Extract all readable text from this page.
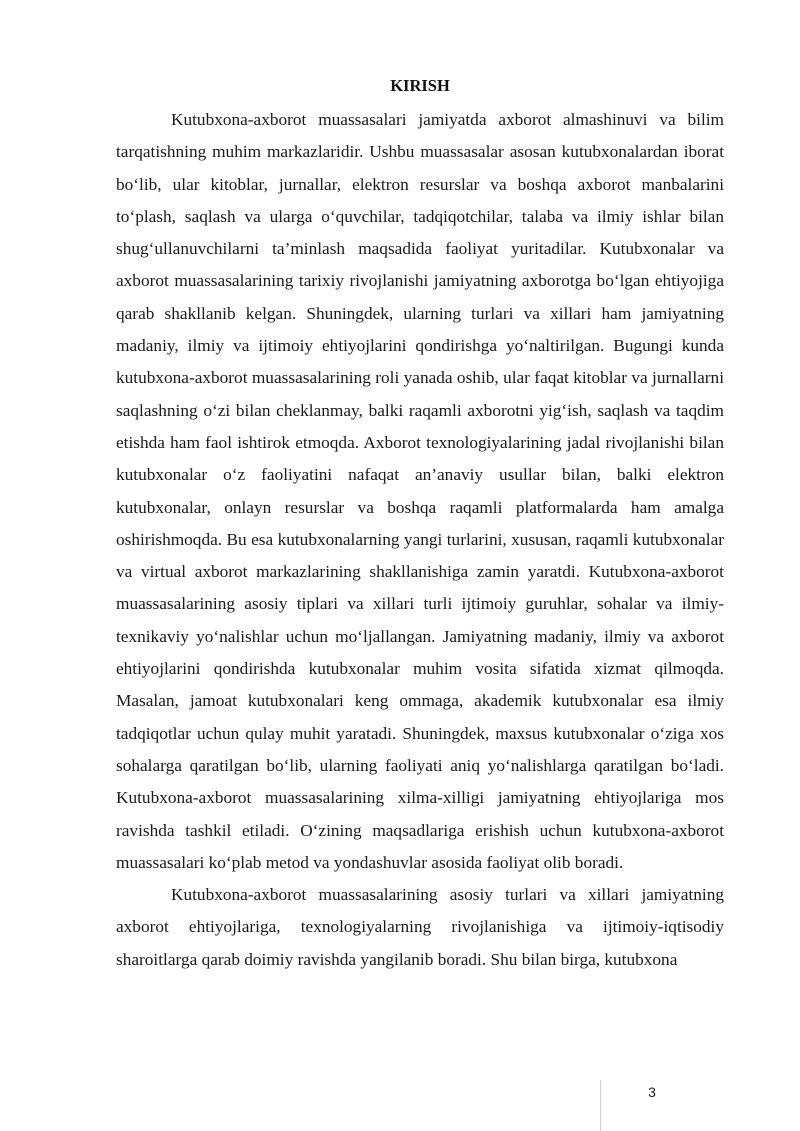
KIRISH

Kutubxona-axborot muassasalari jamiyatda axborot almashinuvi va bilim tarqatishning muhim markazlaridir. Ushbu muassasalar asosan kutubxonalardan iborat bo‘lib, ular kitoblar, jurnallar, elektron resurslar va boshqa axborot manbalarini to‘plash, saqlash va ularga o‘quvchilar, tadqiqotchilar, talaba va ilmiy ishlar bilan shug‘ullanuvchilarni ta’minlash maqsadida faoliyat yuritadilar. Kutubxonalar va axborot muassasalarining tarixiy rivojlanishi jamiyatning axborotga bo‘lgan ehtiyojiga qarab shakllanib kelgan. Shuningdek, ularning turlari va xillari ham jamiyatning madaniy, ilmiy va ijtimoiy ehtiyojlarini qondirishga yo‘naltirilgan. Bugungi kunda kutubxona-axborot muassasalarining roli yanada oshib, ular faqat kitoblar va jurnallarni saqlashning o‘zi bilan cheklanmay, balki raqamli axborotni yig‘ish, saqlash va taqdim etishda ham faol ishtirok etmoqda. Axborot texnologiyalarining jadal rivojlanishi bilan kutubxonalar o‘z faoliyatini nafaqat an’anaviy usullar bilan, balki elektron kutubxonalar, onlayn resurslar va boshqa raqamli platformalarda ham amalga oshirishmoqda. Bu esa kutubxonalarning yangi turlarini, xususan, raqamli kutubxonalar va virtual axborot markazlarining shakllanishiga zamin yaratdi. Kutubxona-axborot muassasalarining asosiy tiplari va xillari turli ijtimoiy guruhlar, sohalar va ilmiy-texnikaviy yo‘nalishlar uchun mo‘ljallangan. Jamiyatning madaniy, ilmiy va axborot ehtiyojlarini qondirishda kutubxonalar muhim vosita sifatida xizmat qilmoqda. Masalan, jamoat kutubxonalari keng ommaga, akademik kutubxonalar esa ilmiy tadqiqotlar uchun qulay muhit yaratadi. Shuningdek, maxsus kutubxonalar o‘ziga xos sohalarga qaratilgan bo‘lib, ularning faoliyati aniq yo‘nalishlarga qaratilgan bo‘ladi. Kutubxona-axborot muassasalarining xilma-xilligi jamiyatning ehtiyojlariga mos ravishda tashkil etiladi. O‘zining maqsadlariga erishish uchun kutubxona-axborot muassasalari ko‘plab metod va yondashuvlar asosida faoliyat olib boradi.

Kutubxona-axborot muassasalarining asosiy turlari va xillari jamiyatning axborot ehtiyojlariga, texnologiyalarning rivojlanishiga va ijtimoiy-iqtisodiy sharoitlarga qarab doimiy ravishda yangilanib boradi. Shu bilan birga, kutubxona

3
